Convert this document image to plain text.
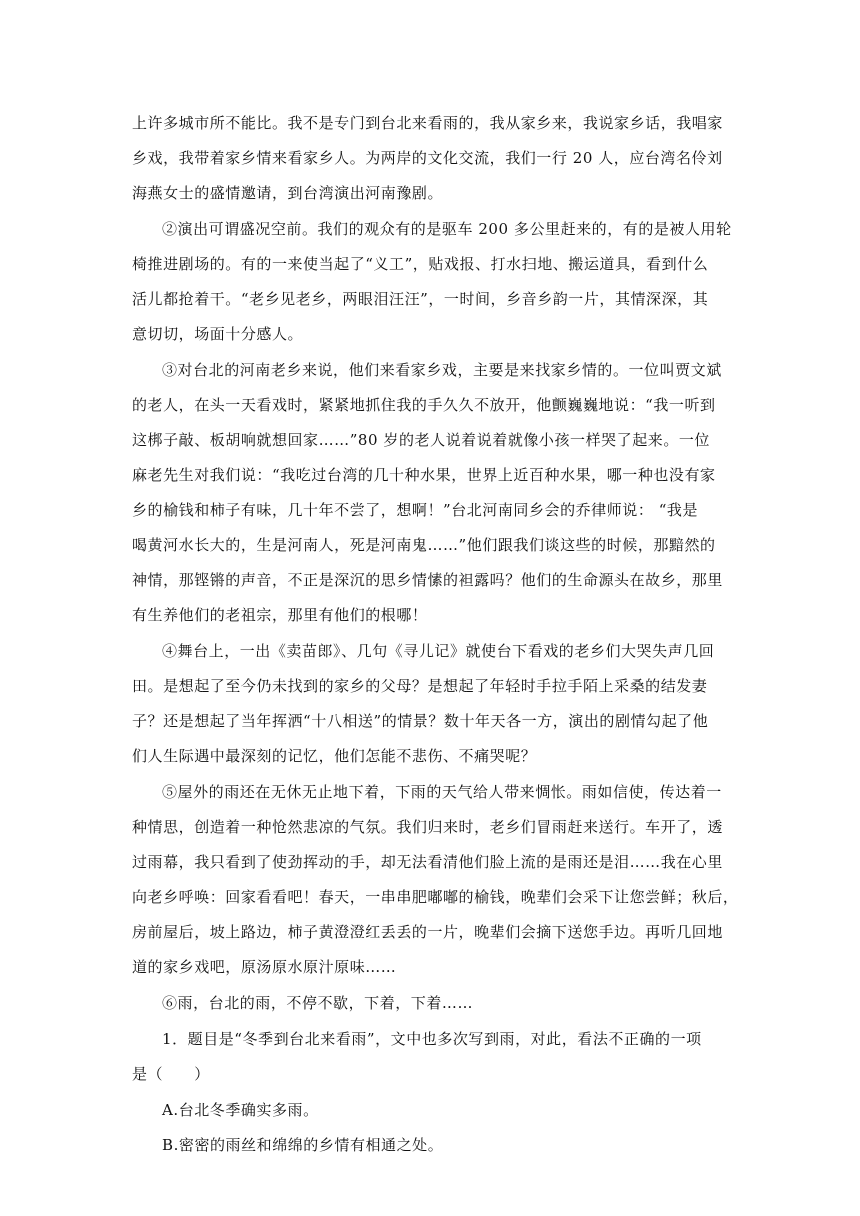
上许多城市所不能比。我不是专门到台北来看雨的，我从家乡来，我说家乡话，我唱家
乡戏，我带着家乡情来看家乡人。为两岸的文化交流，我们一行 20 人，应台湾名伶刘
海燕女士的盛情邀请，到台湾演出河南豫剧。
②演出可谓盛况空前。我们的观众有的是驱车 200 多公里赶来的，有的是被人用轮
椅推进剧场的。有的一来使当起了“义工”，贴戏报、打水扫地、搬运道具，看到什么
活儿都抢着干。“老乡见老乡，两眼泪汪汪”，一时间，乡音乡韵一片，其情深深，其
意切切，场面十分感人。
③对台北的河南老乡来说，他们来看家乡戏，主要是来找家乡情的。一位叫贾文斌
的老人，在头一天看戏时，紧紧地抓住我的手久久不放开，他颤巍巍地说：“我一听到
这梆子敲、板胡响就想回家……”80 岁的老人说着说着就像小孩一样哭了起来。一位
麻老先生对我们说：“我吃过台湾的几十种水果，世界上近百种水果，哪一种也没有家
乡的榆钱和柿子有味，几十年不尝了，想啊！”台北河南同乡会的乔律师说： “我是
喝黄河水长大的，生是河南人，死是河南鬼……”他们跟我们谈这些的时候，那黯然的
神情，那铿锵的声音，不正是深沉的思乡情愫的袒露吗？他们的生命源头在故乡，那里
有生养他们的老祖宗，那里有他们的根哪！
④舞台上，一出《卖苗郎》、几句《寻儿记》就使台下看戏的老乡们大哭失声几回
田。是想起了至今仍未找到的家乡的父母？是想起了年轻时手拉手陌上采桑的结发妻
子？还是想起了当年挥洒“十八相送”的情景？数十年天各一方，演出的剧情勾起了他
们人生际遇中最深刻的记忆，他们怎能不悲伤、不痛哭呢？
⑤屋外的雨还在无休无止地下着，下雨的天气给人带来惆怅。雨如信使，传达着一
种情思，创造着一种怆然悲凉的气氛。我们归来时，老乡们冒雨赶来送行。车开了，透
过雨幕，我只看到了使劲挥动的手，却无法看清他们脸上流的是雨还是泪……我在心里
向老乡呼唤：回家看看吧！春天，一串串肥嘟嘟的榆钱，晚辈们会采下让您尝鲜；秋后，
房前屋后，坡上路边，柿子黄澄澄红丢丢的一片，晚辈们会摘下送您手边。再听几回地
道的家乡戏吧，原汤原水原汁原味……
⑥雨，台北的雨，不停不歇，下着，下着……
1．题目是“冬季到台北来看雨”，文中也多次写到雨，对此，看法不正确的一项
是（　　）
A.台北冬季确实多雨。
B.密密的雨丝和绵绵的乡情有相通之处。
